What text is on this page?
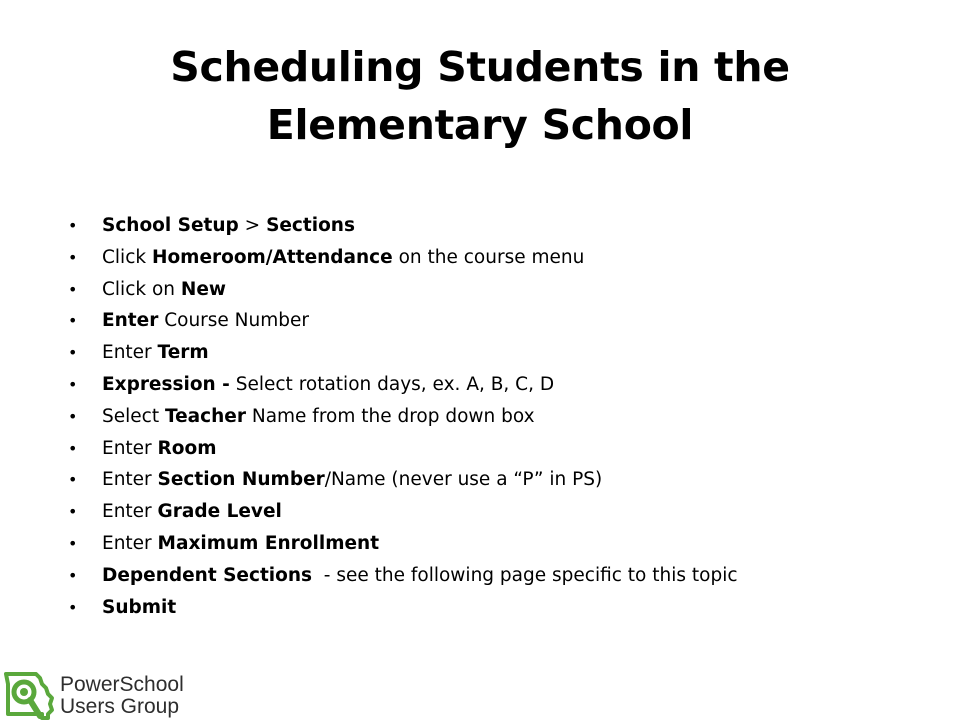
Scheduling Students in the
Elementary School
• School Setup > Sections
• Click Homeroom/Attendance on the course menu
• Click on New
• Enter Course Number
• Enter Term
• Expression - Select rotation days, ex. A, B, C, D
• Select Teacher Name from the drop down box
• Enter Room
• Enter Section Number/Name (never use a “P” in PS)
• Enter Grade Level
• Enter Maximum Enrollment
• Dependent Sections  - see the following page specific to this topic
• Submit
PowerSchool
Users Group
